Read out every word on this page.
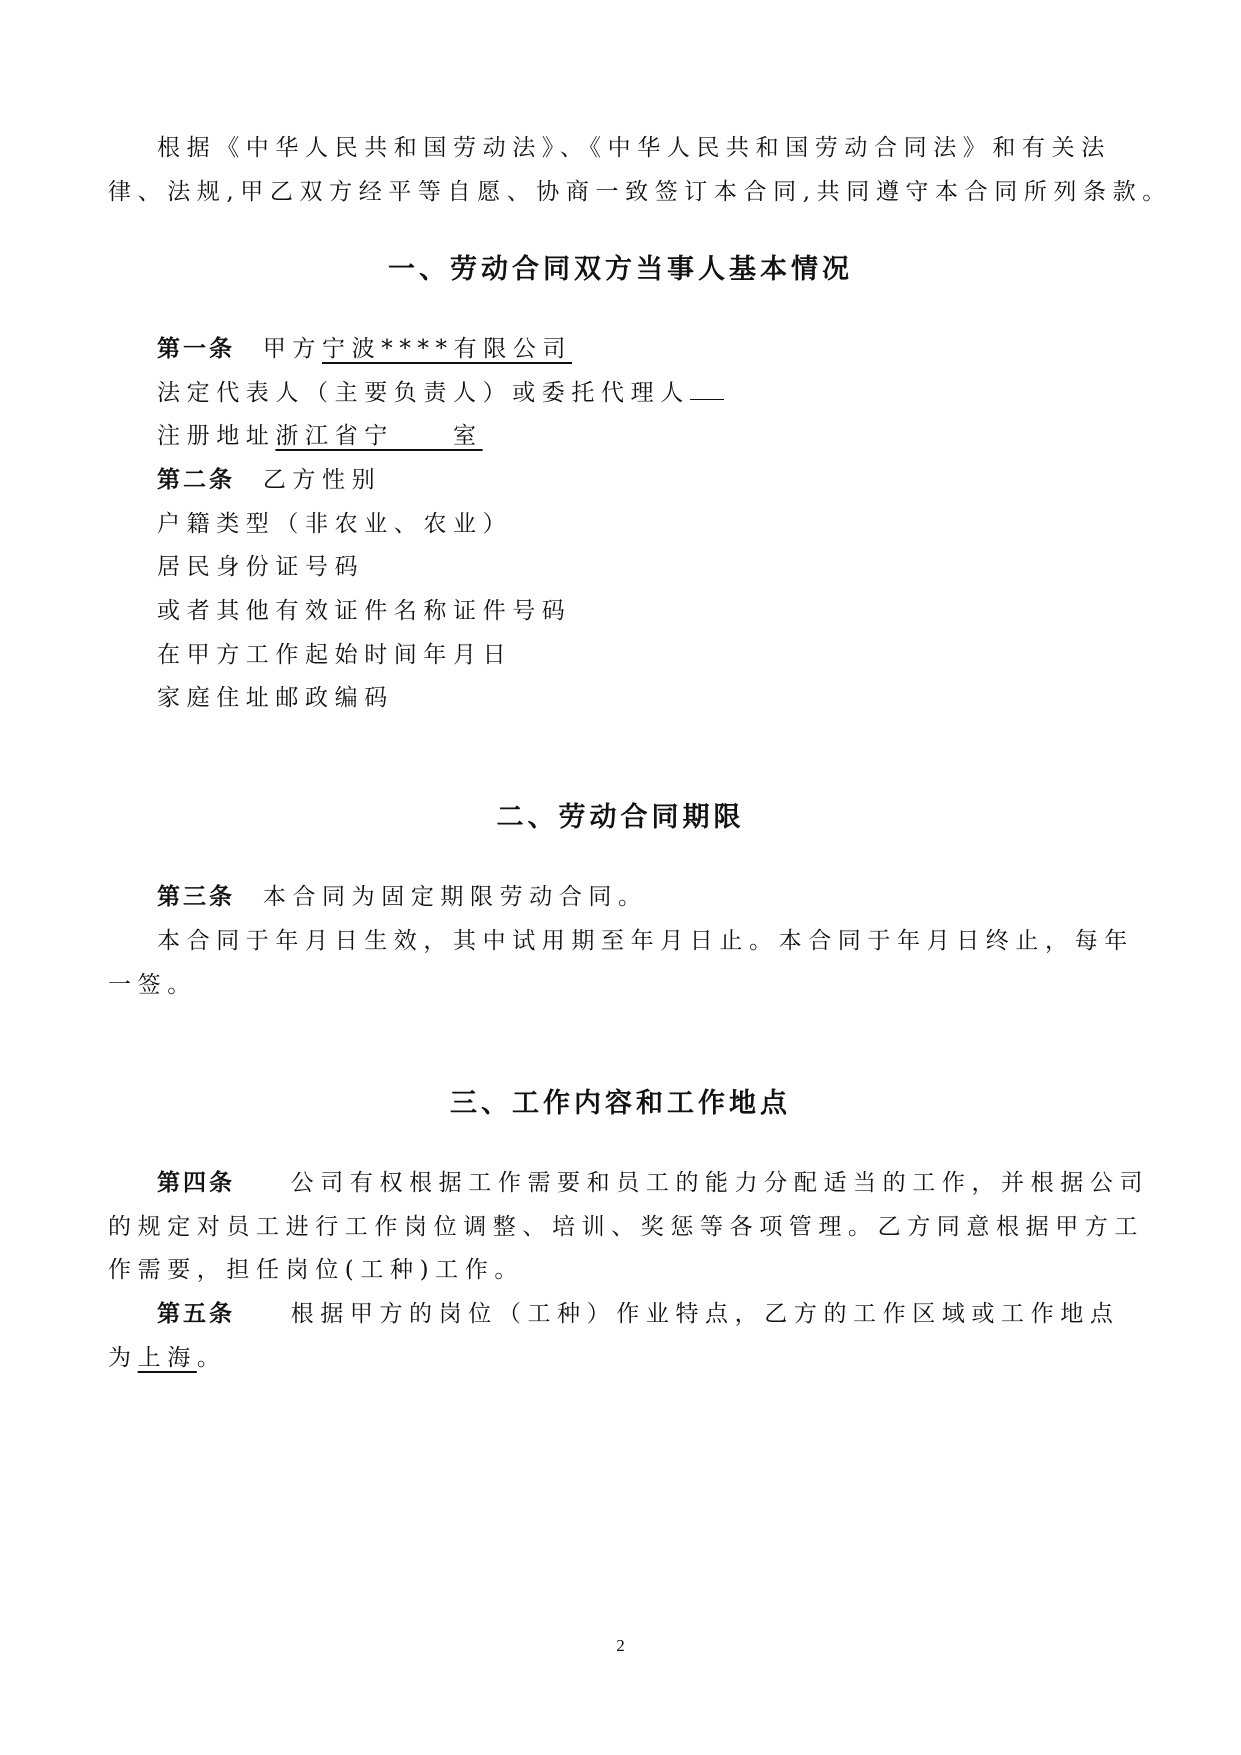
根据《中华人民共和国劳动法》、《中华人民共和国劳动合同法》和有关法

律、法规,甲乙双方经平等自愿、协商一致签订本合同,共同遵守本合同所列条款。

一、劳动合同双方当事人基本情况

第一条 甲方宁波****有限公司

法定代表人（主要负责人）或委托代理人

注册地址浙江省宁　　室

第二条 乙方性别

户籍类型（非农业、农业）

居民身份证号码

或者其他有效证件名称证件号码

在甲方工作起始时间年月日

家庭住址邮政编码

二、劳动合同期限

第三条 本合同为固定期限劳动合同。

本合同于年月日生效，其中试用期至年月日止。本合同于年月日终止，每年

一签。

三、工作内容和工作地点

第四条 公司有权根据工作需要和员工的能力分配适当的工作，并根据公司

的规定对员工进行工作岗位调整、培训、奖惩等各项管理。乙方同意根据甲方工

作需要，担任岗位(工种)工作。

第五条 根据甲方的岗位（工种）作业特点，乙方的工作区域或工作地点

为上海。

2
